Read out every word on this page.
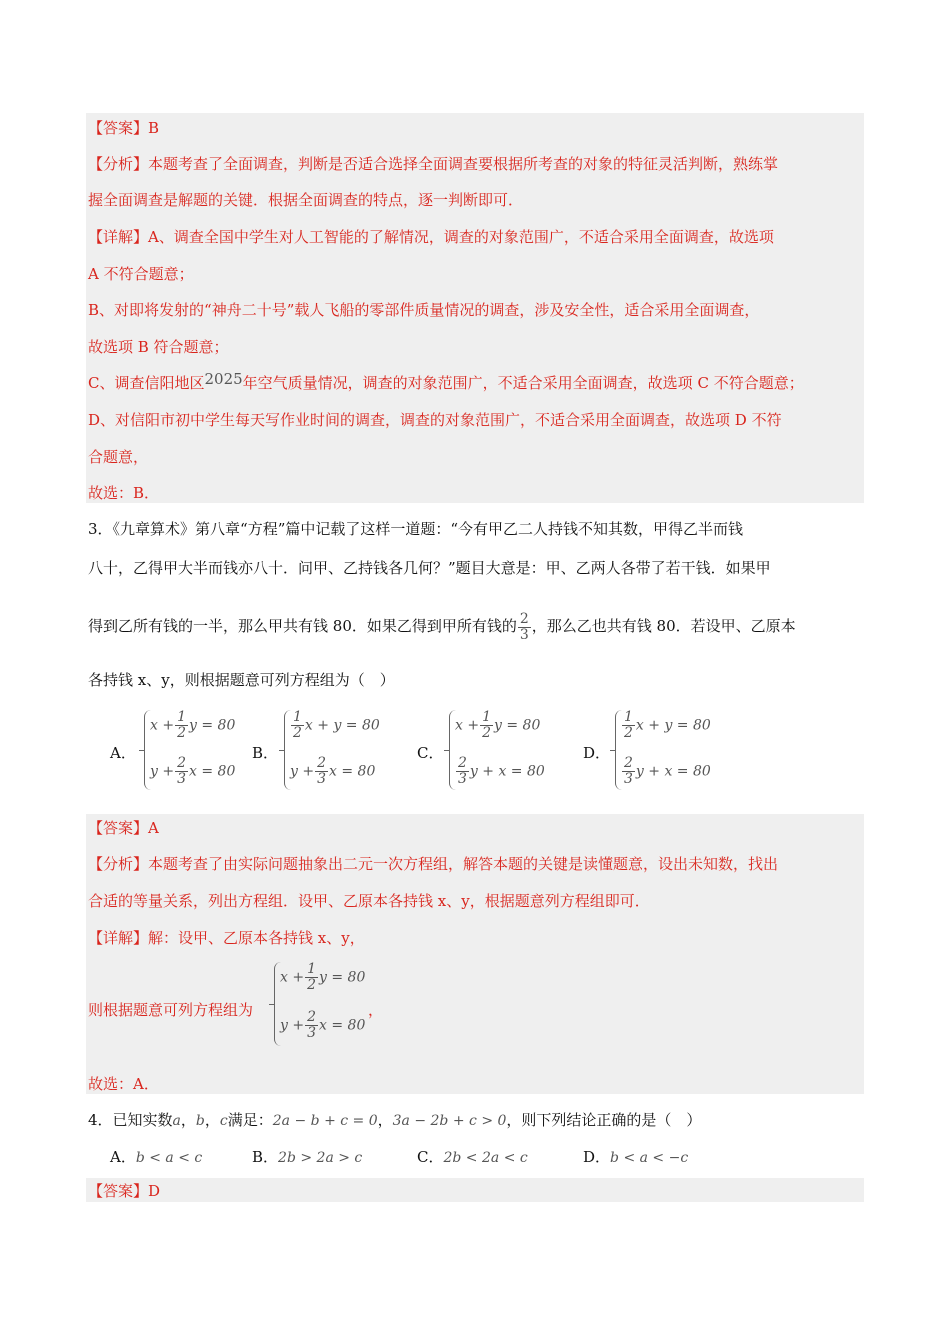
【答案】B
【分析】本题考查了全面调查，判断是否适合选择全面调查要根据所考查的对象的特征灵活判断，熟练掌
握全面调查是解题的关键．根据全面调查的特点，逐一判断即可．
【详解】A、调查全国中学生对人工智能的了解情况，调查的对象范围广，不适合采用全面调查，故选项
A 不符合题意；
B、对即将发射的“神舟二十号”载人飞船的零部件质量情况的调查，涉及安全性，适合采用全面调查，
故选项 B 符合题意；
C、调查信阳地区2025年空气质量情况，调查的对象范围广，不适合采用全面调查，故选项 C 不符合题意；
D、对信阳市初中学生每天写作业时间的调查，调查的对象范围广，不适合采用全面调查，故选项 D 不符
合题意，
故选：B．
3．《九章算术》第八章“方程”篇中记载了这样一道题：“今有甲乙二人持钱不知其数，甲得乙半而钱
八十，乙得甲大半而钱亦八十．问甲、乙持钱各几何？”题目大意是：甲、乙两人各带了若干钱．如果甲
得到乙所有钱的一半，那么甲共有钱 80．如果乙得到甲所有钱的 $\frac{2}{3}$ ，那么乙也共有钱 80．若设甲、乙原本
各持钱 x、y，则根据题意可列方程组为（　）
A．
$x + \frac{1}{2}$ y = 80
$y + \frac{2}{3}$ x = 80
B．
$\frac{1}{2}$ x + y = 80
$y + \frac{2}{3}$ x = 80
C．
$x + \frac{1}{2}$ y = 80
$\frac{2}{3}$ y + x = 80
D．
$\frac{1}{2}$ x + y = 80
$\frac{2}{3}$ y + x = 80
【答案】A
【分析】本题考查了由实际问题抽象出二元一次方程组，解答本题的关键是读懂题意，设出未知数，找出
合适的等量关系，列出方程组．设甲、乙原本各持钱 x、y，根据题意列方程组即可．
【详解】解：设甲、乙原本各持钱 x、y，
则根据题意可列方程组为
$x + \frac{1}{2}$ y = 80
$y + \frac{2}{3}$ x = 80
，
故选：A．
4．已知实数a，b，c满足：2a − b + c = 0，3a − 2b + c > 0，则下列结论正确的是（　）
A．b < a < c	B．2b > 2a > c	C．2b < 2a < c	D．b < a < −c
【答案】D
